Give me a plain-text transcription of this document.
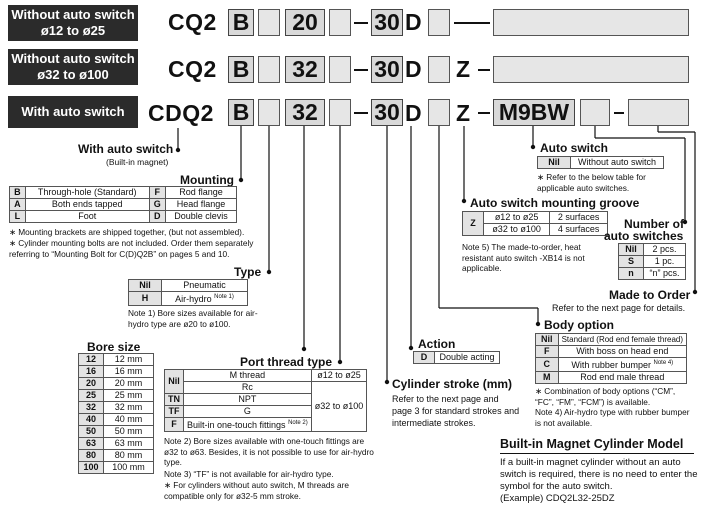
Without auto switch
ø12 to ø25	CQ2 B	20	30 D
Without auto switch
ø32 to ø100	CQ2 B	32	30 D Z
With auto switch	CDQ2 B	32	30 D Z M9BW
With auto switch
(Built-in magnet)
Mounting
B	Through-hole (Standard)	F	Rod flange
A	Both ends tapped	G	Head flange
L	Foot	D	Double clevis
∗ Mounting brackets are shipped together, (but not assembled).
∗ Cylinder mounting bolts are not included. Order them separately referring to “Mounting Bolt for C(D)Q2B” on pages 5 and 10.
Type
Nil	Pneumatic
H	Air-hydro $^{Note 1)}$
Note 1) Bore sizes available for air-hydro type are ø20 to ø100.
Bore size
12	12 mm
16	16 mm
20	20 mm
25	25 mm
32	32 mm
40	40 mm
50	50 mm
63	63 mm
80	80 mm
100	100 mm
Port thread type
Nil	M thread	ø12 to ø25
	Rc	ø32 to ø100
TN	NPT	
TF	G	
F	Built-in one-touch fittings $^{Note 2)}$
Note 2) Bore sizes available with one-touch fittings are ø32 to ø63. Besides, it is not possible to use for air-hydro type.
Note 3) “TF” is not available for air-hydro type.
∗ For cylinders without auto switch, M threads are compatible only for ø32-5 mm stroke.
Action
D	Double acting
Cylinder stroke (mm)
Refer to the next page and page 3 for standard strokes and intermediate strokes.
Auto switch
Nil	Without auto switch
∗ Refer to the below table for applicable auto switches.
Auto switch mounting groove
Z	ø12 to ø25	2 surfaces
	ø32 to ø100	4 surfaces
Note 5) The made-to-order, heat resistant auto switch -XB14 is not applicable.
Number of
auto switches
Nil	2 pcs.
S	1 pc.
n	“n” pcs.
Made to Order
Refer to the next page for details.
Body option
Nil	Standard (Rod end female thread)
F	With boss on head end
C	With rubber bumper $^{Note 4)}$
M	Rod end male thread
∗ Combination of body options (“CM”, “FC”, “FM”, “FCM”) is available.
Note 4) Air-hydro type with rubber bumper is not available.
Built-in Magnet Cylinder Model
If a built-in magnet cylinder without an auto switch is required, there is no need to enter the symbol for the auto switch.
(Example) CDQ2L32-25DZ
